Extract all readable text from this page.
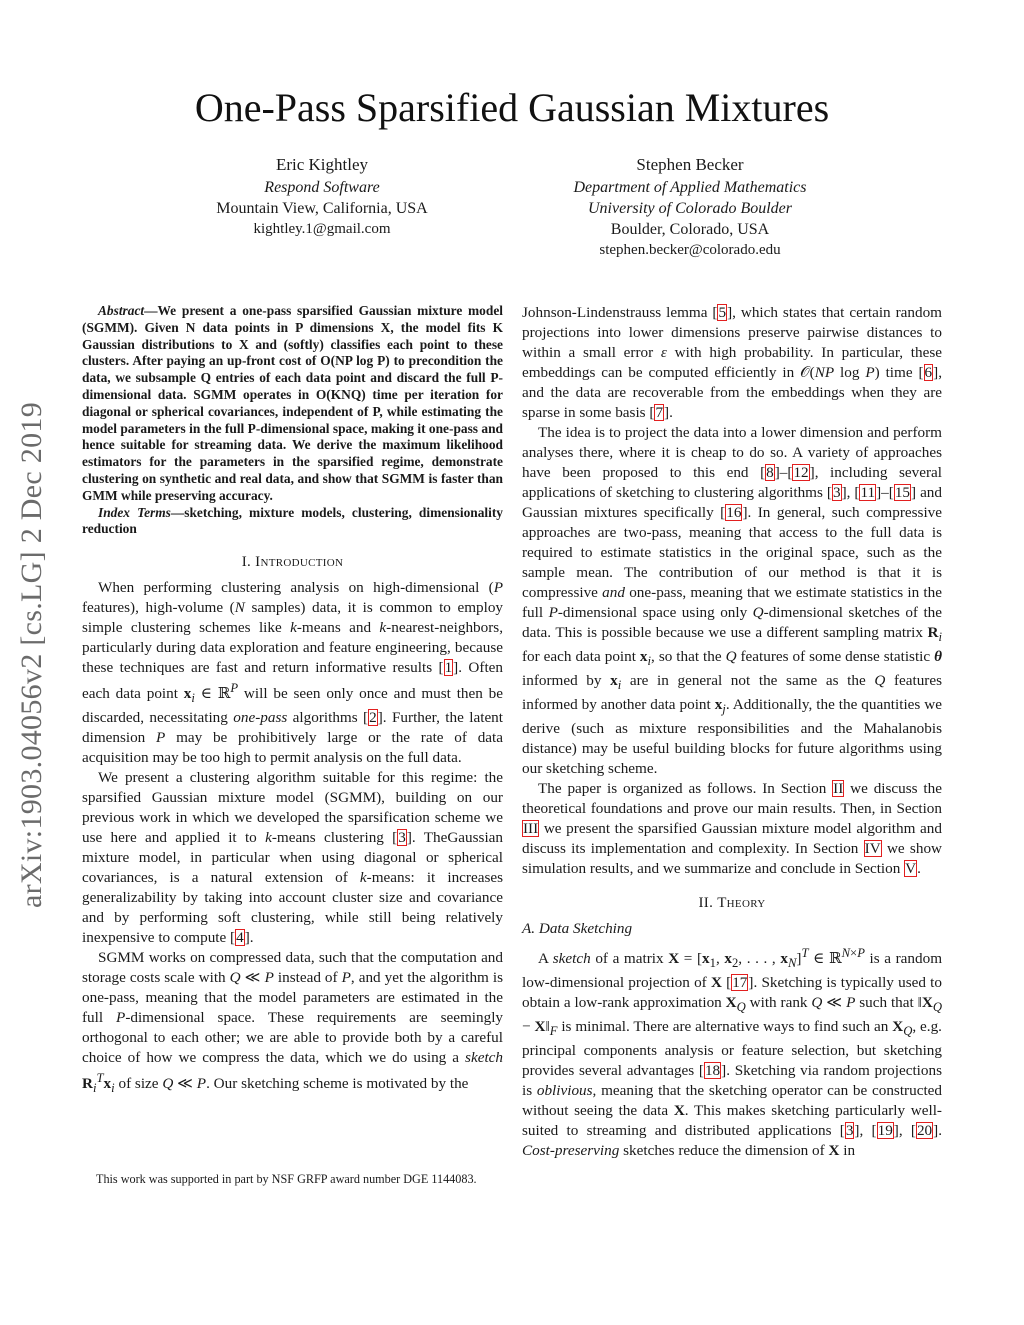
arXiv:1903.04056v2 [cs.LG] 2 Dec 2019
One-Pass Sparsified Gaussian Mixtures
Eric Kightley
Respond Software
Mountain View, California, USA
kightley.1@gmail.com
Stephen Becker
Department of Applied Mathematics
University of Colorado Boulder
Boulder, Colorado, USA
stephen.becker@colorado.edu

Abstract—We present a one-pass sparsified Gaussian mixture model (SGMM). Given N data points in P dimensions X, the model fits K Gaussian distributions to X and (softly) classifies each point to these clusters. After paying an up-front cost of O(NP log P) to precondition the data, we subsample Q entries of each data point and discard the full P-dimensional data. SGMM operates in O(KNQ) time per iteration for diagonal or spherical covariances, independent of P, while estimating the model parameters in the full P-dimensional space, making it one-pass and hence suitable for streaming data. We derive the maximum likelihood estimators for the parameters in the sparsified regime, demonstrate clustering on synthetic and real data, and show that SGMM is faster than GMM while preserving accuracy.

Index Terms—sketching, mixture models, clustering, dimensionality reduction

I. Introduction

When performing clustering analysis on high-dimensional (P features), high-volume (N samples) data, it is common to employ simple clustering schemes like k-means and k-nearest-neighbors, particularly during data exploration and feature engineering, because these techniques are fast and return informative results [1]. Often each data point $x_i$ ∈ ℝ$^P$ will be seen only once and must then be discarded, necessitating one-pass algorithms [2]. Further, the latent dimension P may be prohibitively large or the rate of data acquisition may be too high to permit analysis on the full data.

We present a clustering algorithm suitable for this regime: the sparsified Gaussian mixture model (SGMM), building on our previous work in which we developed the sparsification scheme we use here and applied it to k-means clustering [3]. TheGaussian mixture model, in particular when using diagonal or spherical covariances, is a natural extension of k-means: it increases generalizability by taking into account cluster size and covariance and by performing soft clustering, while still being relatively inexpensive to compute [4].

SGMM works on compressed data, such that the computation and storage costs scale with Q ≪ P instead of P, and yet the algorithm is one-pass, meaning that the model parameters are estimated in the full P-dimensional space. These requirements are seemingly orthogonal to each other; we are able to provide both by a careful choice of how we compress the data, which we do using a sketch $R_i^Tx_i$ of size Q ≪ P. Our sketching scheme is motivated by the

This work was supported in part by NSF GRFP award number DGE 1144083.

Johnson-Lindenstrauss lemma [5], which states that certain random projections into lower dimensions preserve pairwise distances to within a small error ε with high probability. In particular, these embeddings can be computed efficiently in 𝒪(NP log P) time [6], and the data are recoverable from the embeddings when they are sparse in some basis [7].

The idea is to project the data into a lower dimension and perform analyses there, where it is cheap to do so. A variety of approaches have been proposed to this end [8]–[12], including several applications of sketching to clustering algorithms [3], [11]–[15] and Gaussian mixtures specifically [16]. In general, such compressive approaches are two-pass, meaning that access to the full data is required to estimate statistics in the original space, such as the sample mean. The contribution of our method is that it is compressive and one-pass, meaning that we estimate statistics in the full P-dimensional space using only Q-dimensional sketches of the data. This is possible because we use a different sampling matrix $R_i$ for each data point $x_i$, so that the Q features of some dense statistic θ informed by $x_i$ are in general not the same as the Q features informed by another data point $x_j$. Additionally, the the quantities we derive (such as mixture responsibilities and the Mahalanobis distance) may be useful building blocks for future algorithms using our sketching scheme.

The paper is organized as follows. In Section II we discuss the theoretical foundations and prove our main results. Then, in Section III we present the sparsified Gaussian mixture model algorithm and discuss its implementation and complexity. In Section IV we show simulation results, and we summarize and conclude in Section V.

II. Theory

A. Data Sketching

A sketch of a matrix $X = [x_1$, $x_2$, . . . , $x_N]^T$ ∈ ℝ$^{N\times P}$ is a random low-dimensional projection of X [17]. Sketching is typically used to obtain a low-rank approximation $X_Q$ with rank Q ≪ P such that $‖X_Q$ − $X‖_F$ is minimal. There are alternative ways to find such an $X_Q$, e.g. principal components analysis or feature selection, but sketching provides several advantages [18]. Sketching via random projections is oblivious, meaning that the sketching operator can be constructed without seeing the data X. This makes sketching particularly well-suited to streaming and distributed applications [3], [19], [20]. Cost-preserving sketches reduce the dimension of X in
